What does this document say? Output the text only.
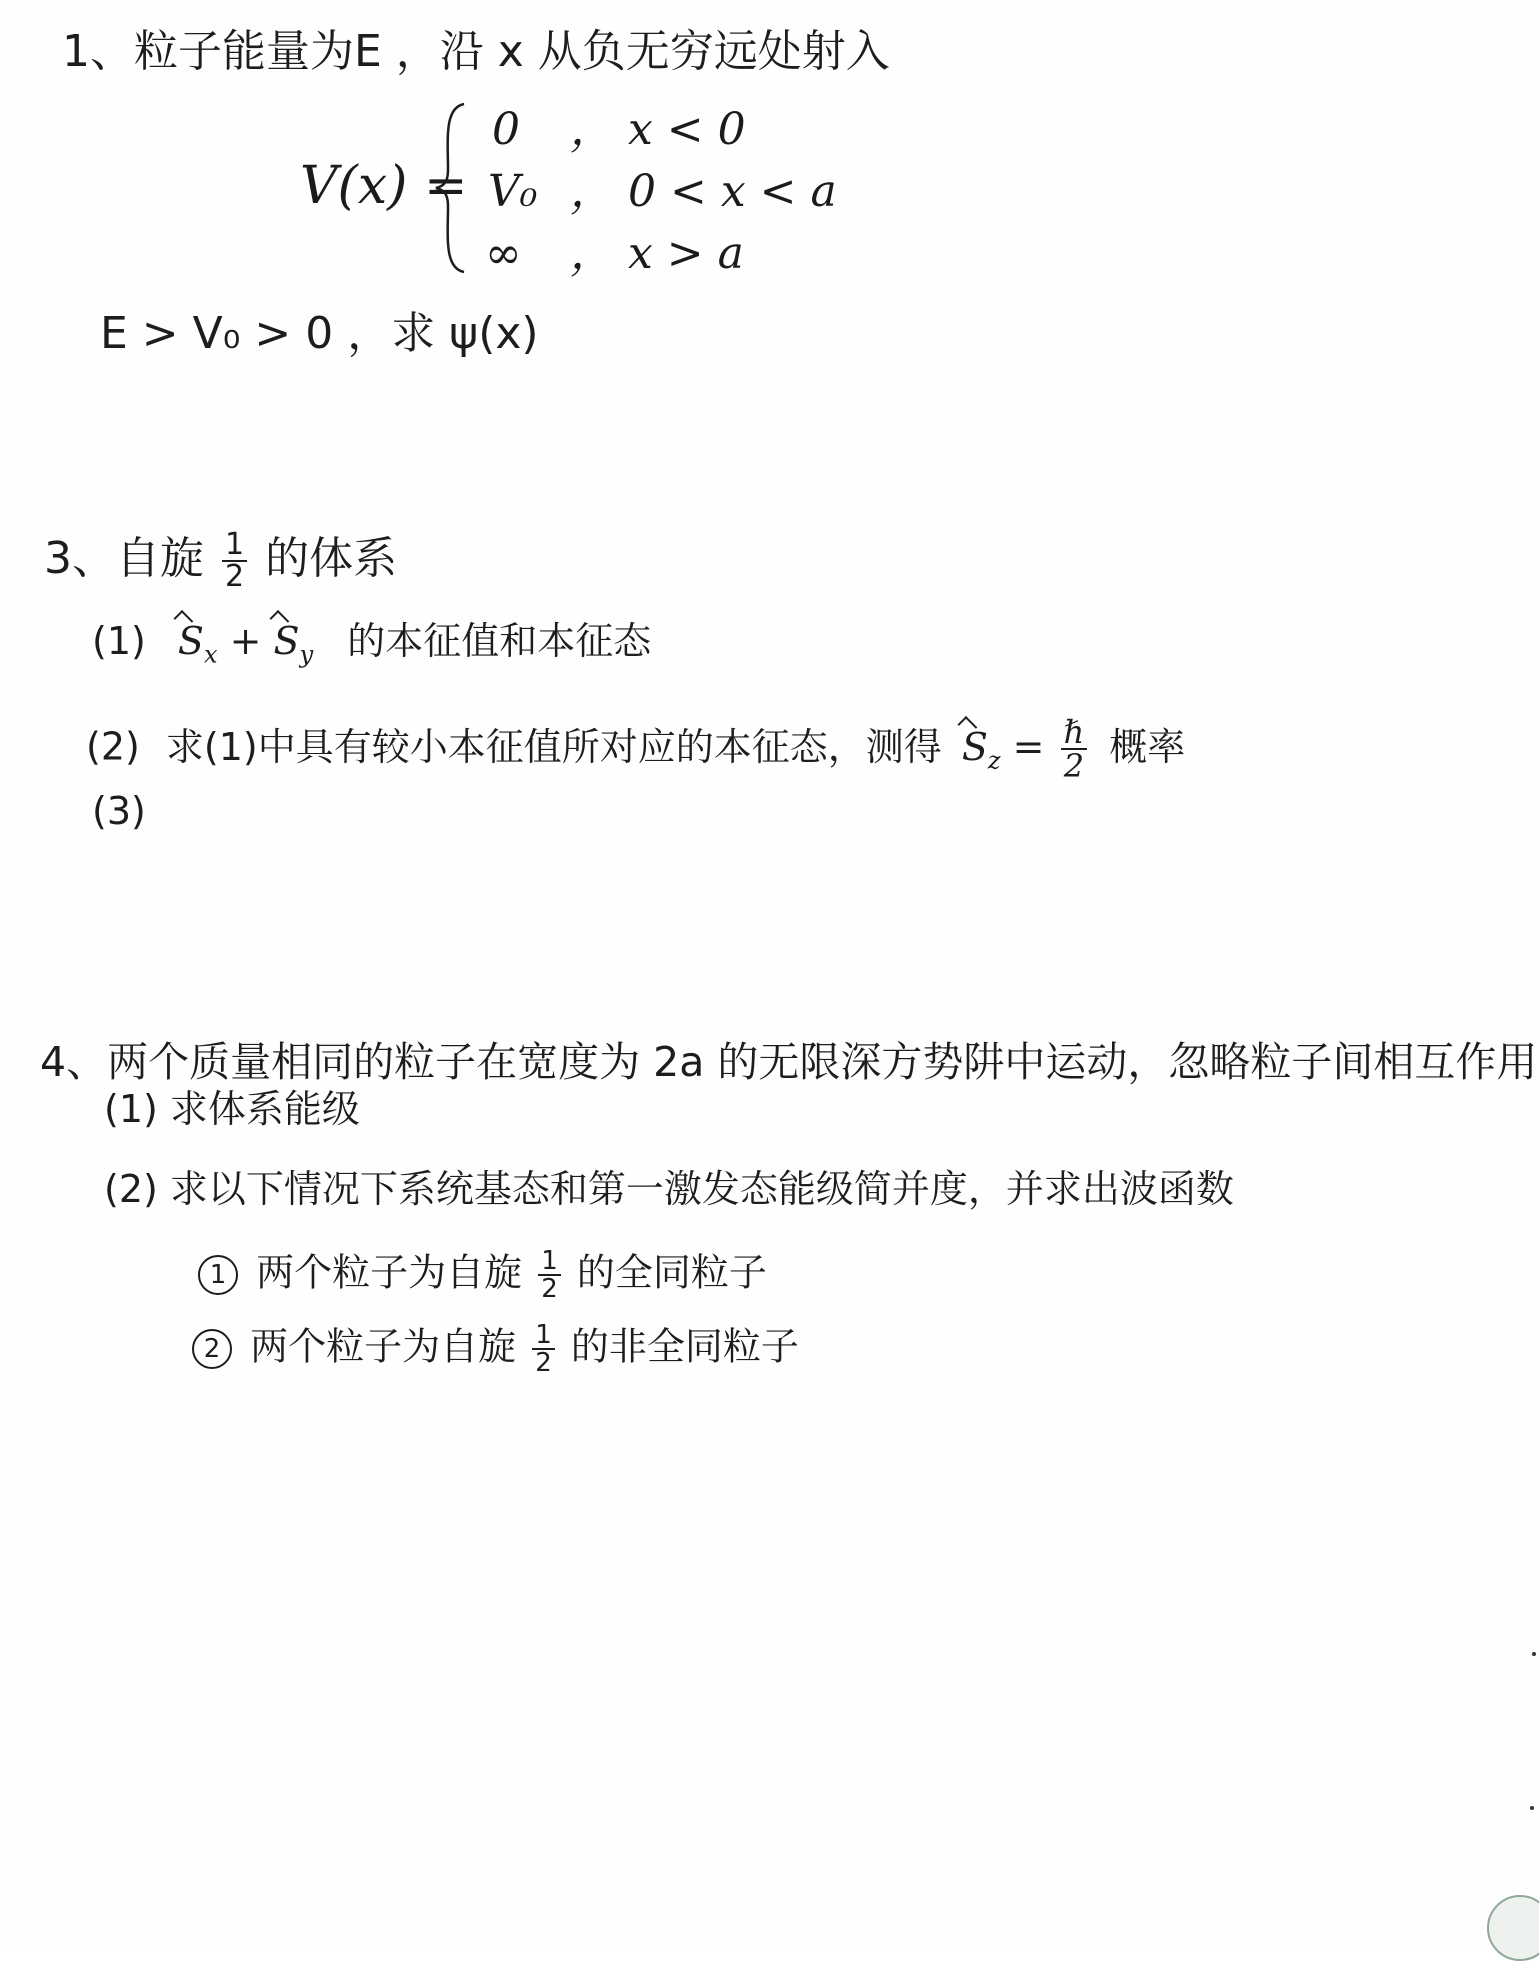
1、粒子能量为E ，沿 x 从负无穷远处射入
V(x) =
0 ， x < 0
V₀ ， 0 < x < a
∞ ， x > a
E > V₀ > 0 ，求 ψ(x)
3、自旋 $\frac{1}{2}$ 的体系
(1) $S_x + S_y$ 的本征值和本征态
(2) 求(1)中具有较小本征值所对应的本征态，测得 $S_z = \frac{\text{ℏ}}{2}$ 概率
(3)
4、两个质量相同的粒子在宽度为 2a 的无限深方势阱中运动，忽略粒子间相互作用
(1) 求体系能级
(2) 求以下情况下系统基态和第一激发态能级简并度，并求出波函数
1 两个粒子为自旋 $\frac{1}{2}$ 的全同粒子
2 两个粒子为自旋 $\frac{1}{2}$ 的非全同粒子
